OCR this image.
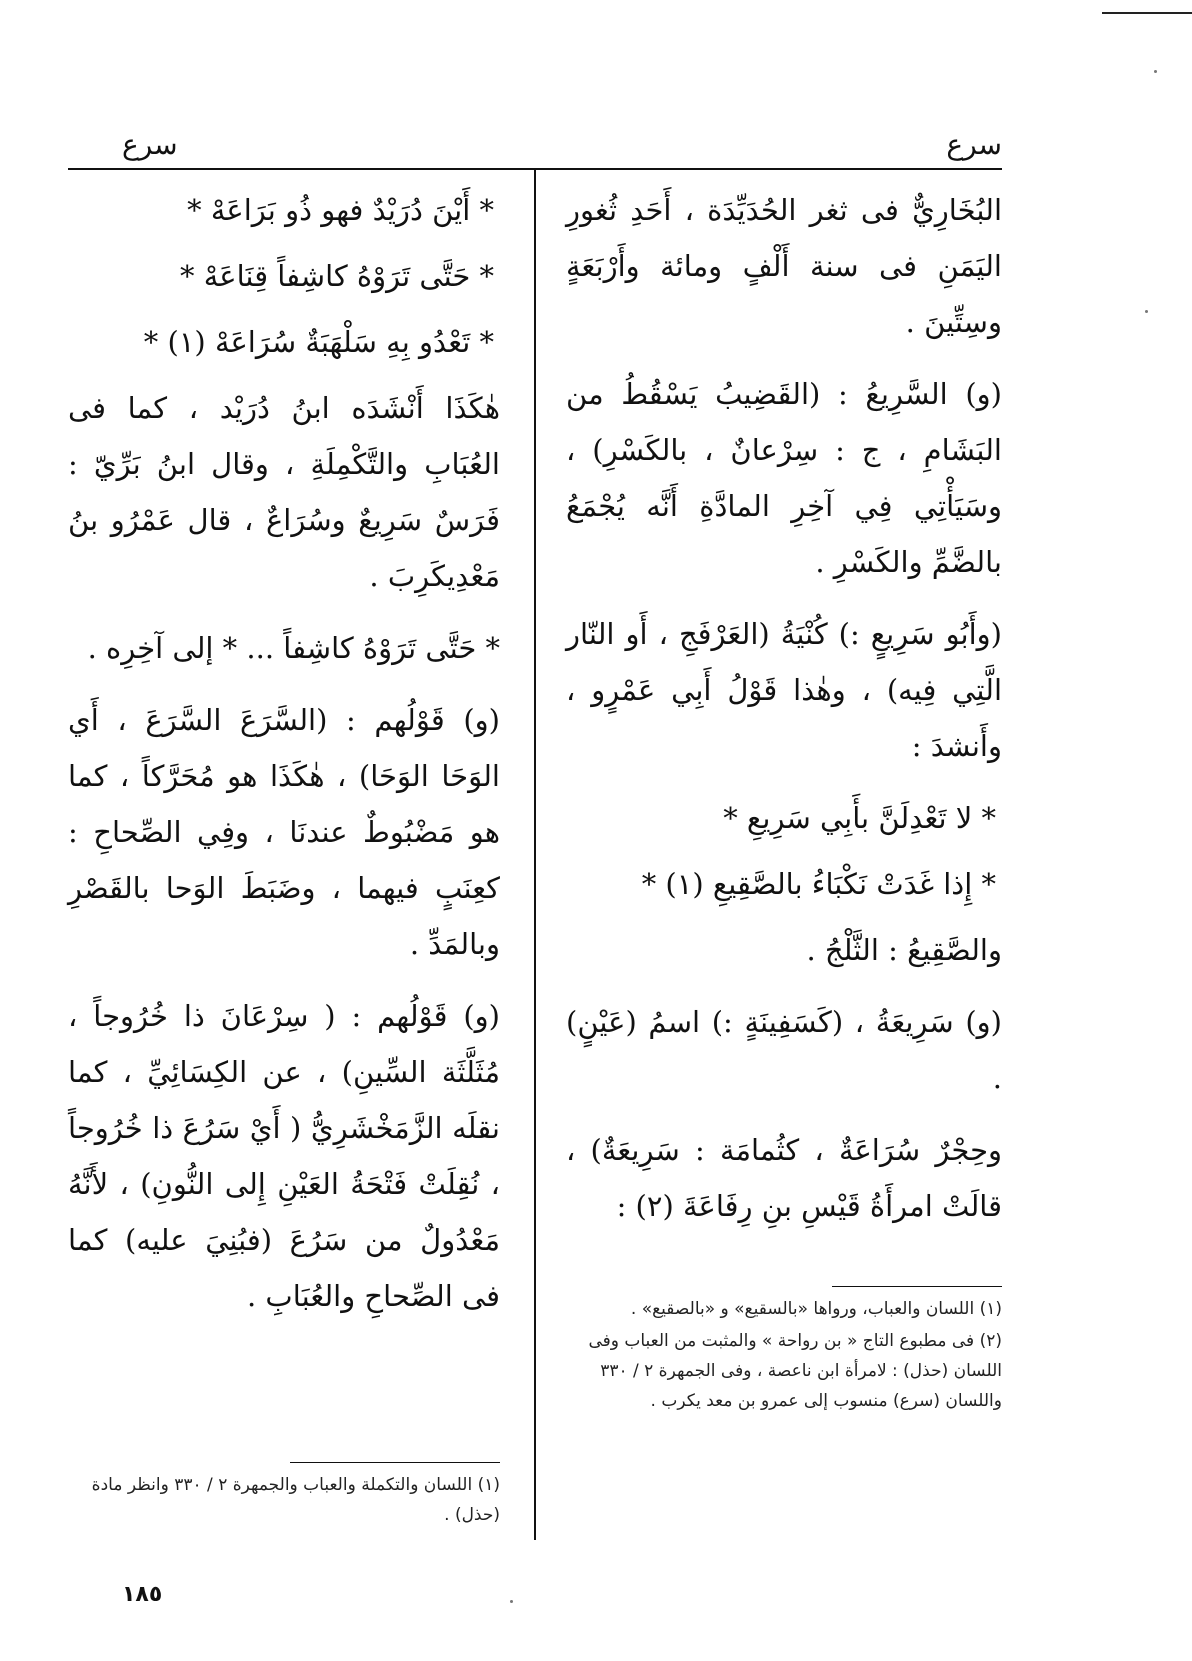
سرع
سرع

البُخَارِيٌّ فى ثغر الحُدَيِّدَة ، أَحَدِ ثُغورِ اليَمَنِ فى سنة أَلْفٍ ومائة وأَرْبَعَةٍ وسِتِّينَ .

(و) السَّرِيعُ : (القَضِيبُ يَسْقُطُ من البَشَامِ ، ج : سِرْعانٌ ، بالكَسْرِ) ، وسَيَأْتِي فِي آخِرِ المادَّةِ أَنَّه يُجْمَعُ بالضَّمِّ والكَسْرِ .

(وأَبُو سَرِيعٍ :) كُنْيَةُ (العَرْفَجِ ، أَو النّار الَّتِي فِيه) ، وهٰذا قَوْلُ أَبِي عَمْرٍو ، وأَنشدَ :

* لا تَعْدِلَنَّ بأَبِي سَرِيعِ *
* إِذا غَدَتْ نَكْبَاءُ بالصَّقِيعِ (١) *

والصَّقِيعُ : الثَّلْجُ .

(و) سَرِيعَةُ ، (كَسَفِينَةٍ :) اسمُ (عَيْنٍ) .

وحِجْرٌ سُرَاعَةٌ ، كثُمامَة : سَرِيعَةٌ) ، قالَتْ امرأَةُ قَيْسِ بنِ رِفَاعَةَ (٢) :

* أَيْنَ دُرَيْدٌ فهو ذُو بَرَاعَهْ *
* حَتَّى تَرَوْهُ كاشِفاً قِنَاعَهْ *
* تَعْدُو بِهِ سَلْهَبَةٌ سُرَاعَهْ (١) *

هٰكَذَا أَنْشَدَه ابنُ دُرَيْد ، كما فى العُبَابِ والتَّكْمِلَةِ ، وقال ابنُ بَرِّيّ : فَرَسٌ سَرِيعٌ وسُرَاعٌ ، قال عَمْرُو بنُ مَعْدِيكَرِبَ .

* حَتَّى تَرَوْهُ كاشِفاً ... * إلى آخِرِه .

(و) قَوْلُهم : (السَّرَعَ السَّرَعَ ، أَي الوَحَا الوَحَا) ، هٰكَذَا هو مُحَرَّكاً ، كما هو مَضْبُوطٌ عندنَا ، وفِي الصِّحاحِ : كعِنَبٍ فيهما ، وضَبَطَ الوَحا بالقَصْرِ وبالمَدِّ .

(و) قَوْلُهم : ( سِرْعَانَ ذا خُرُوجاً ، مُثَلَّثَة السِّينِ) ، عن الكِسَائِيِّ ، كما نقلَه الزَّمَخْشَرِيُّ ( أَيْ سَرُعَ ذا خُرُوجاً ، نُقِلَتْ فَتْحَةُ العَيْنِ إِلى النُّونِ) ، لأَنَّهُ مَعْدُولٌ من سَرُعَ (فبُنِيَ عليه) كما فى الصِّحاحِ والعُبَابِ .	(١) اللسان والعباب، ورواها «بالسقيع» و «بالصقيع» .

(٢) فى مطبوع التاج « بن رواحة » والمثبت من العباب وفى اللسان (حذل) : لامرأة ابن ناعصة ، وفى الجمهرة ٢ / ٣٣٠ واللسان (سرع) منسوب إلى عمرو بن معد يكرب .

(١) اللسان والتكملة والعباب والجمهرة ٢ / ٣٣٠ وانظر مادة (حذل) .

١٨٥
